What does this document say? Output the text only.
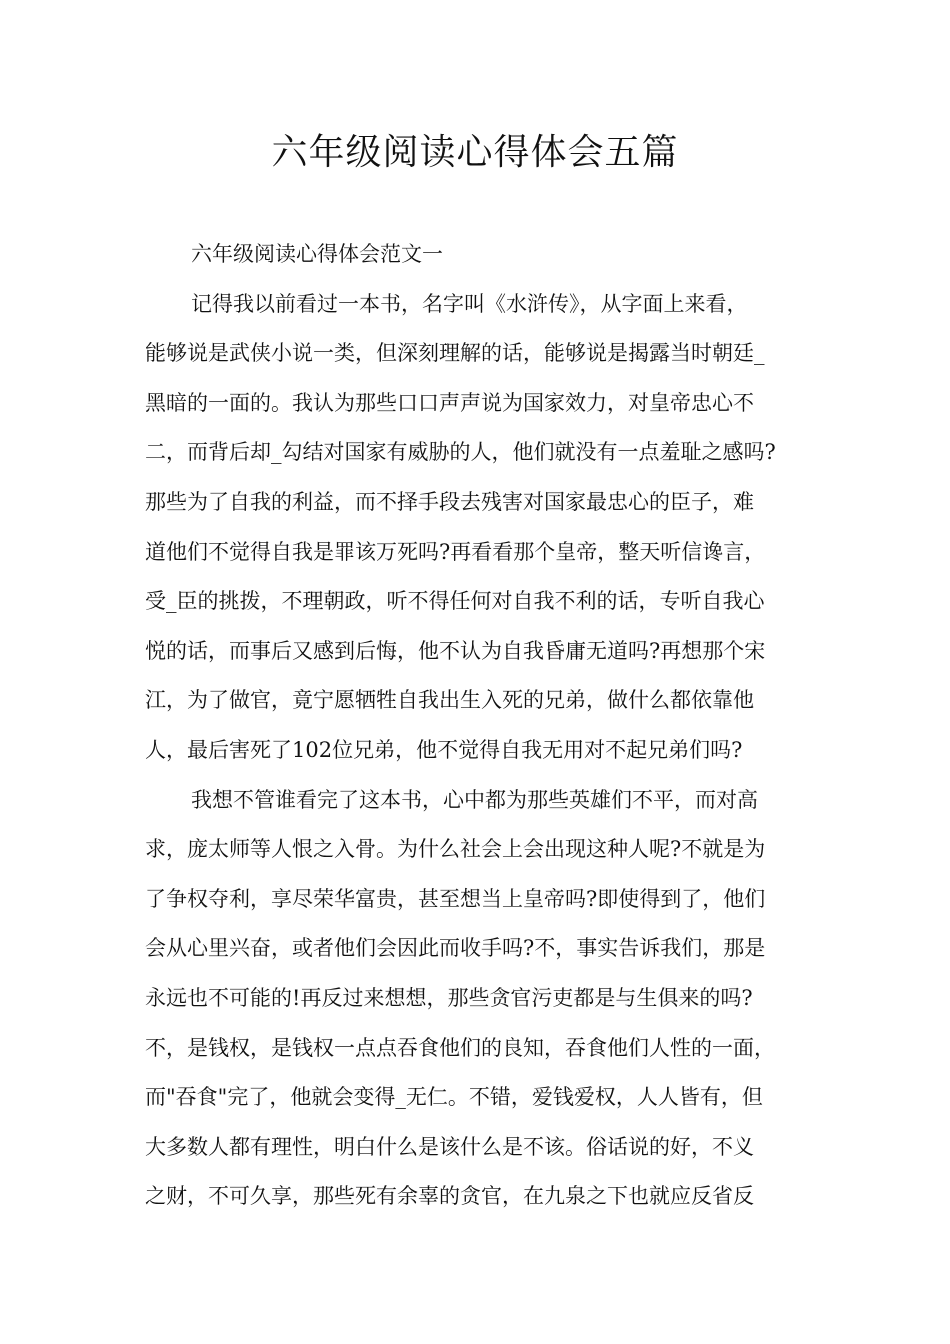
六年级阅读心得体会五篇
六年级阅读心得体会范文一
记得我以前看过一本书，名字叫《水浒传》，从字面上来看，
能够说是武侠小说一类，但深刻理解的话，能够说是揭露当时朝廷_
黑暗的一面的。我认为那些口口声声说为国家效力，对皇帝忠心不
二，而背后却_勾结对国家有威胁的人，他们就没有一点羞耻之感吗?
那些为了自我的利益，而不择手段去残害对国家最忠心的臣子，难
道他们不觉得自我是罪该万死吗?再看看那个皇帝，整天听信谗言，
受_臣的挑拨，不理朝政，听不得任何对自我不利的话，专听自我心
悦的话，而事后又感到后悔，他不认为自我昏庸无道吗?再想那个宋
江，为了做官，竟宁愿牺牲自我出生入死的兄弟，做什么都依靠他
人，最后害死了102位兄弟，他不觉得自我无用对不起兄弟们吗?
我想不管谁看完了这本书，心中都为那些英雄们不平，而对高
求，庞太师等人恨之入骨。为什么社会上会出现这种人呢?不就是为
了争权夺利，享尽荣华富贵，甚至想当上皇帝吗?即使得到了，他们
会从心里兴奋，或者他们会因此而收手吗?不，事实告诉我们，那是
永远也不可能的!再反过来想想，那些贪官污吏都是与生俱来的吗?
不，是钱权，是钱权一点点吞食他们的良知，吞食他们人性的一面，
而"吞食"完了，他就会变得_无仁。不错，爱钱爱权，人人皆有，但
大多数人都有理性，明白什么是该什么是不该。俗话说的好，不义
之财，不可久享，那些死有余辜的贪官，在九泉之下也就应反省反
